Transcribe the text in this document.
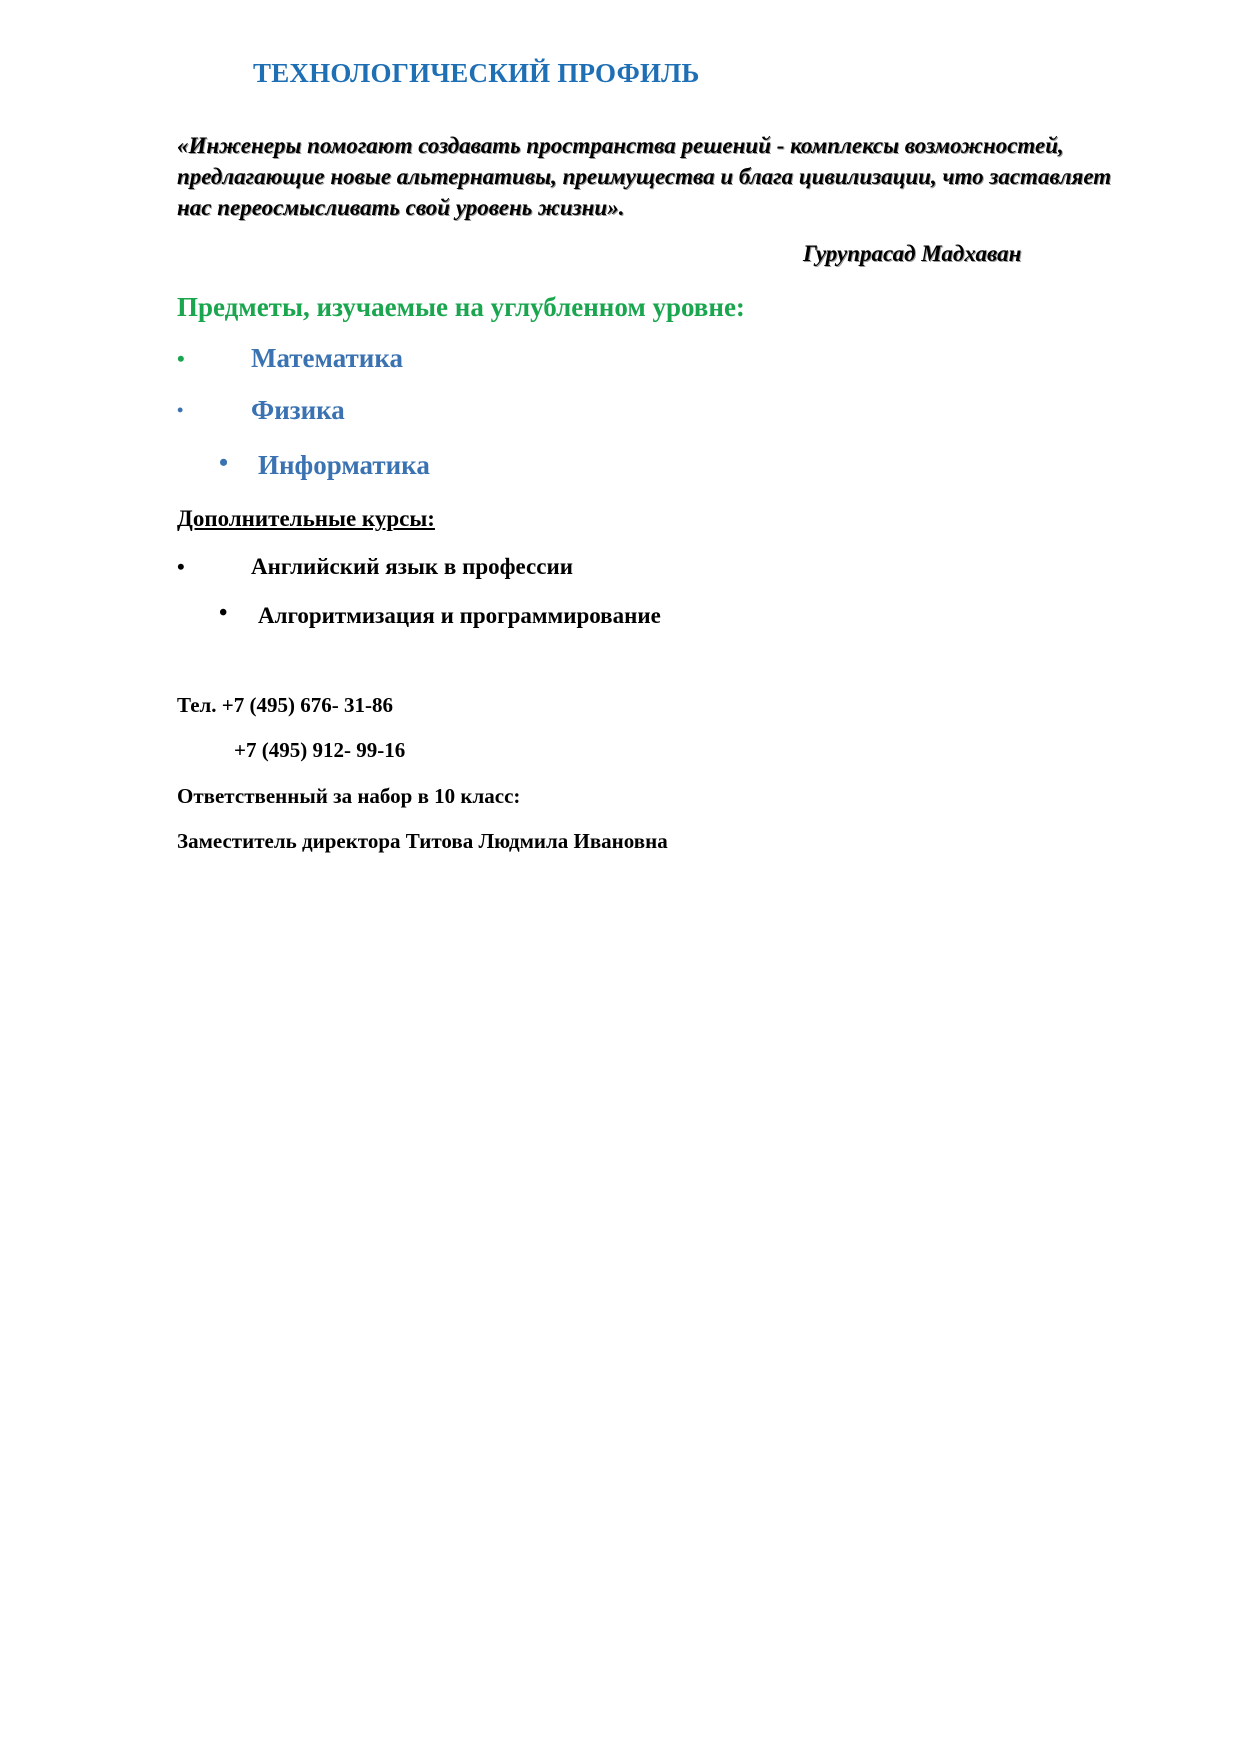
ТЕХНОЛОГИЧЕСКИЙ ПРОФИЛЬ
«Инженеры помогают создавать пространства решений - комплексы возможностей,
предлагающие новые альтернативы, преимущества и блага цивилизации, что заставляет
нас переосмысливать свой уровень жизни».
Гурупрасад Мадхаван
Предметы, изучаемые на углубленном уровне:
• Математика
•	Физика
• Информатика
Дополнительные курсы:
•	Английский язык в профессии
• Алгоритмизация и программирование
Тел. +7 (495) 676- 31-86
+7 (495) 912- 99-16
Ответственный за набор в 10 класс:
Заместитель директора Титова Людмила Ивановна
